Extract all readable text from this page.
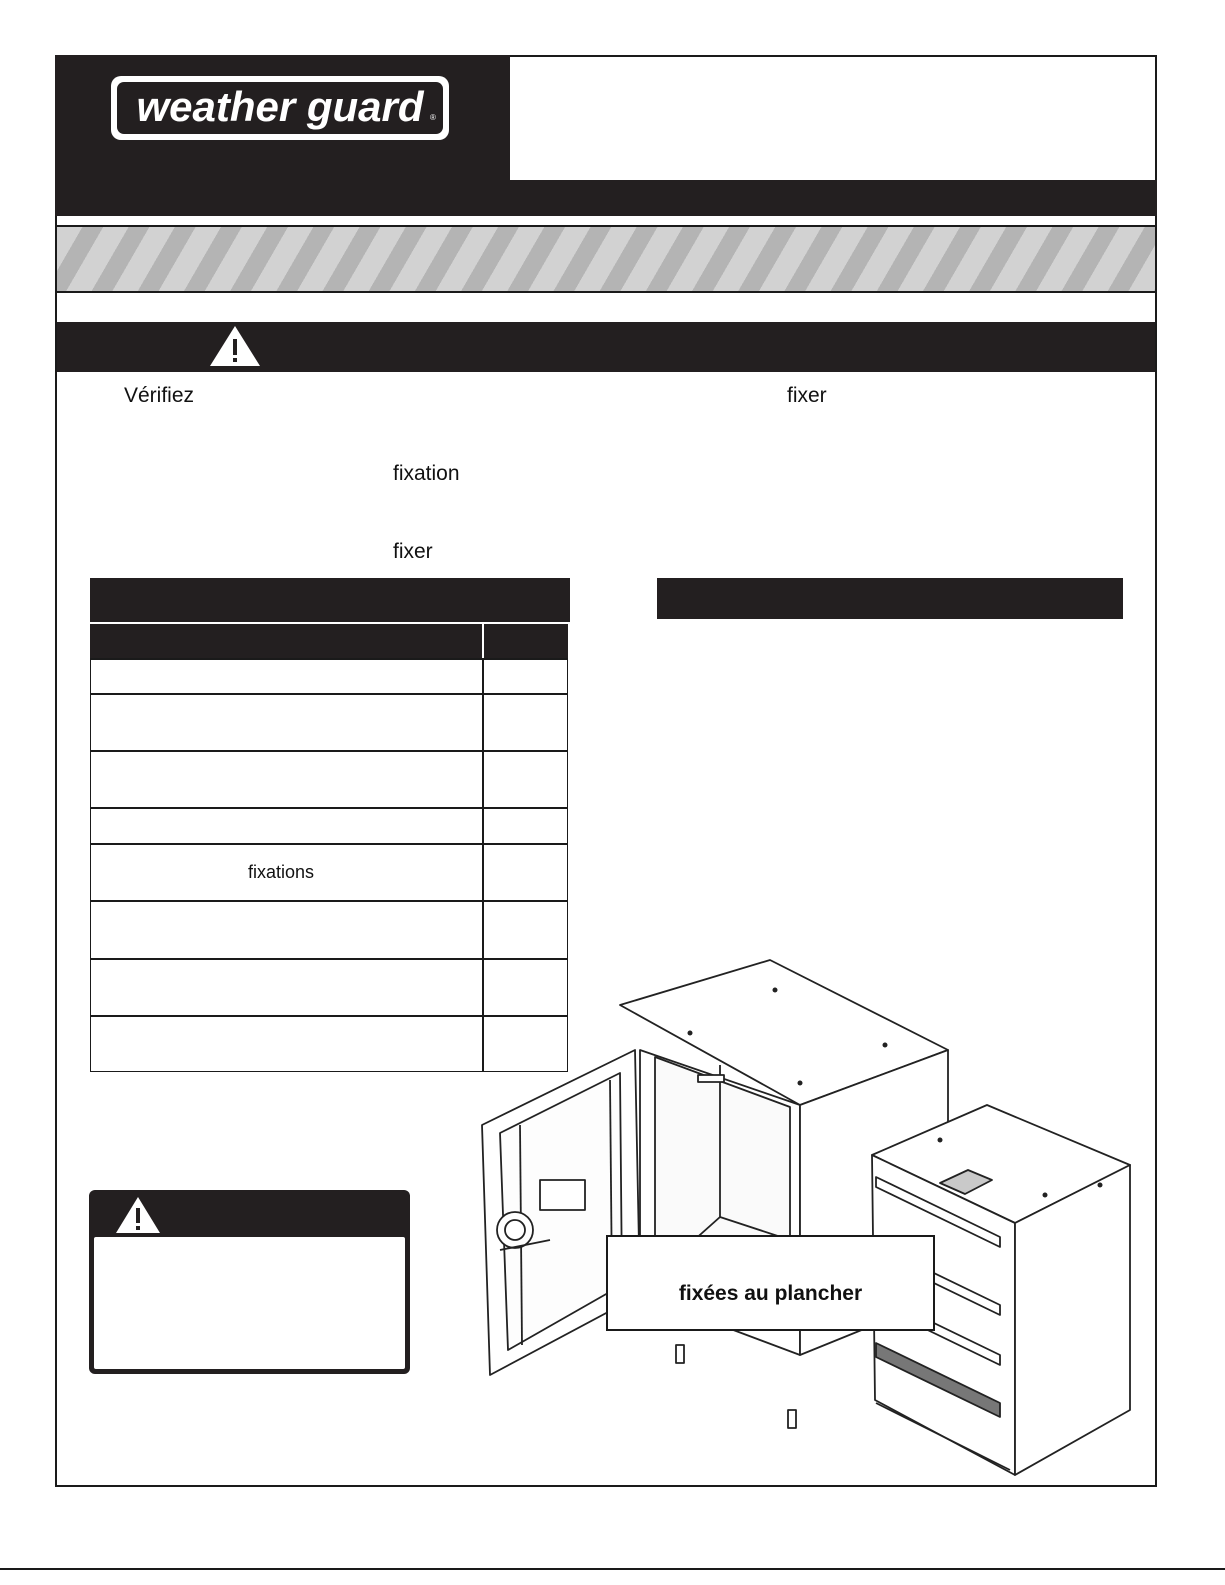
weather guard ®
Vérifiez	fixer
fixation
fixer
fixations
fixées au plancher
